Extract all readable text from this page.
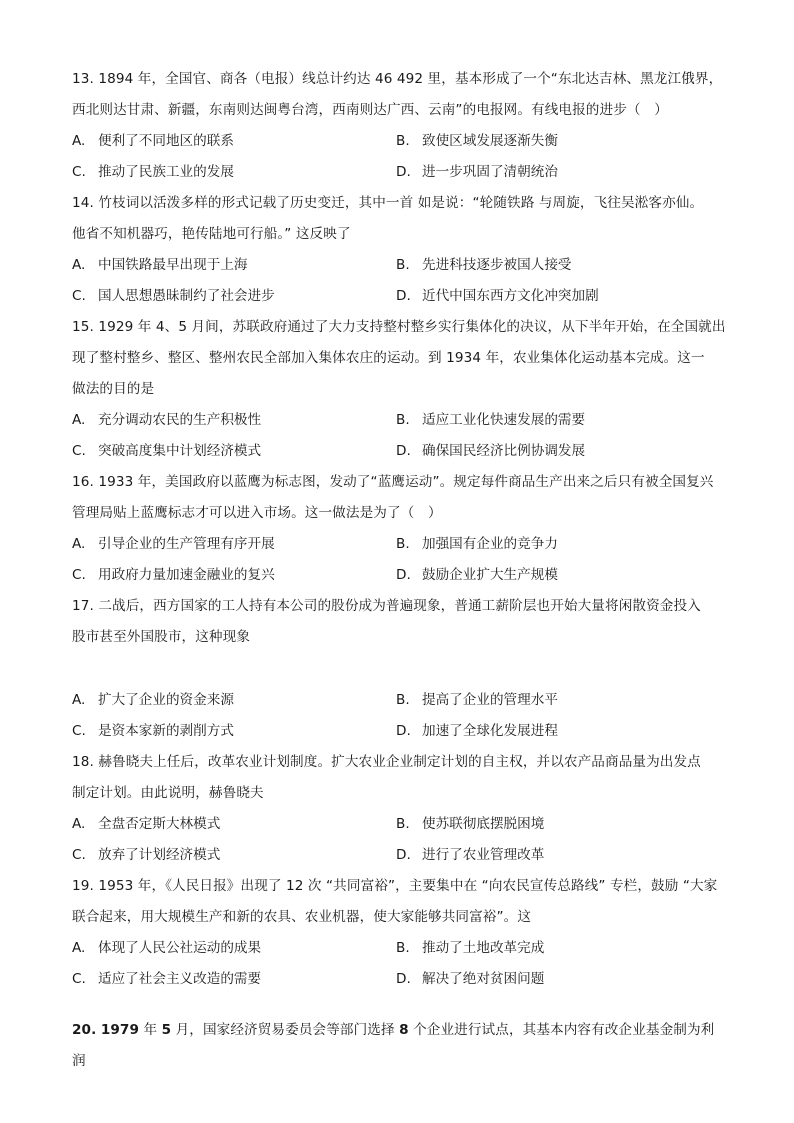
13. 1894 年，全国官、商各（电报）线总计约达 46 492 里，基本形成了一个“东北达吉林、黑龙江俄界，

西北则达甘肃、新疆，东南则达闽粤台湾，西南则达广西、云南”的电报网。有线电报的进步（　）

A. 便利了不同地区的联系	B. 致使区域发展逐渐失衡
C. 推动了民族工业的发展	D. 进一步巩固了清朝统治

14. 竹枝词以活泼多样的形式记载了历史变迁，其中一首 如是说：“轮随铁路 与周旋，飞往吴淞客亦仙。

他省不知机器巧，艳传陆地可行船。” 这反映了

A. 中国铁路最早出现于上海	B. 先进科技逐步被国人接受
C. 国人思想愚昧制约了社会进步	D. 近代中国东西方文化冲突加剧

15. 1929 年 4、5 月间，苏联政府通过了大力支持整村整乡实行集体化的决议，从下半年开始，在全国就出

现了整村整乡、整区、整州农民全部加入集体农庄的运动。到 1934 年，农业集体化运动基本完成。这一

做法的目的是

A. 充分调动农民的生产积极性	B. 适应工业化快速发展的需要
C. 突破高度集中计划经济模式	D. 确保国民经济比例协调发展

16. 1933 年，美国政府以蓝鹰为标志图，发动了“蓝鹰运动”。规定每件商品生产出来之后只有被全国复兴

管理局贴上蓝鹰标志才可以进入市场。这一做法是为了（　）

A. 引导企业的生产管理有序开展	B. 加强国有企业的竞争力
C. 用政府力量加速金融业的复兴	D. 鼓励企业扩大生产规模

17. 二战后，西方国家的工人持有本公司的股份成为普遍现象，普通工薪阶层也开始大量将闲散资金投入

股市甚至外国股市，这种现象

A. 扩大了企业的资金来源	B. 提高了企业的管理水平
C. 是资本家新的剥削方式	D. 加速了全球化发展进程

18. 赫鲁晓夫上任后，改革农业计划制度。扩大农业企业制定计划的自主权，并以农产品商品量为出发点

制定计划。由此说明，赫鲁晓夫

A. 全盘否定斯大林模式	B. 使苏联彻底摆脱困境
C. 放弃了计划经济模式	D. 进行了农业管理改革

19. 1953 年，《人民日报》出现了 12 次 “共同富裕”，主要集中在 “向农民宣传总路线” 专栏，鼓励 “大家

联合起来，用大规模生产和新的农具、农业机器，使大家能够共同富裕”。这

A. 体现了人民公社运动的成果	B. 推动了土地改革完成
C. 适应了社会主义改造的需要	D. 解决了绝对贫困问题

20. 1979 年 5 月，国家经济贸易委员会等部门选择 8 个企业进行试点，其基本内容有改企业基金制为利润
